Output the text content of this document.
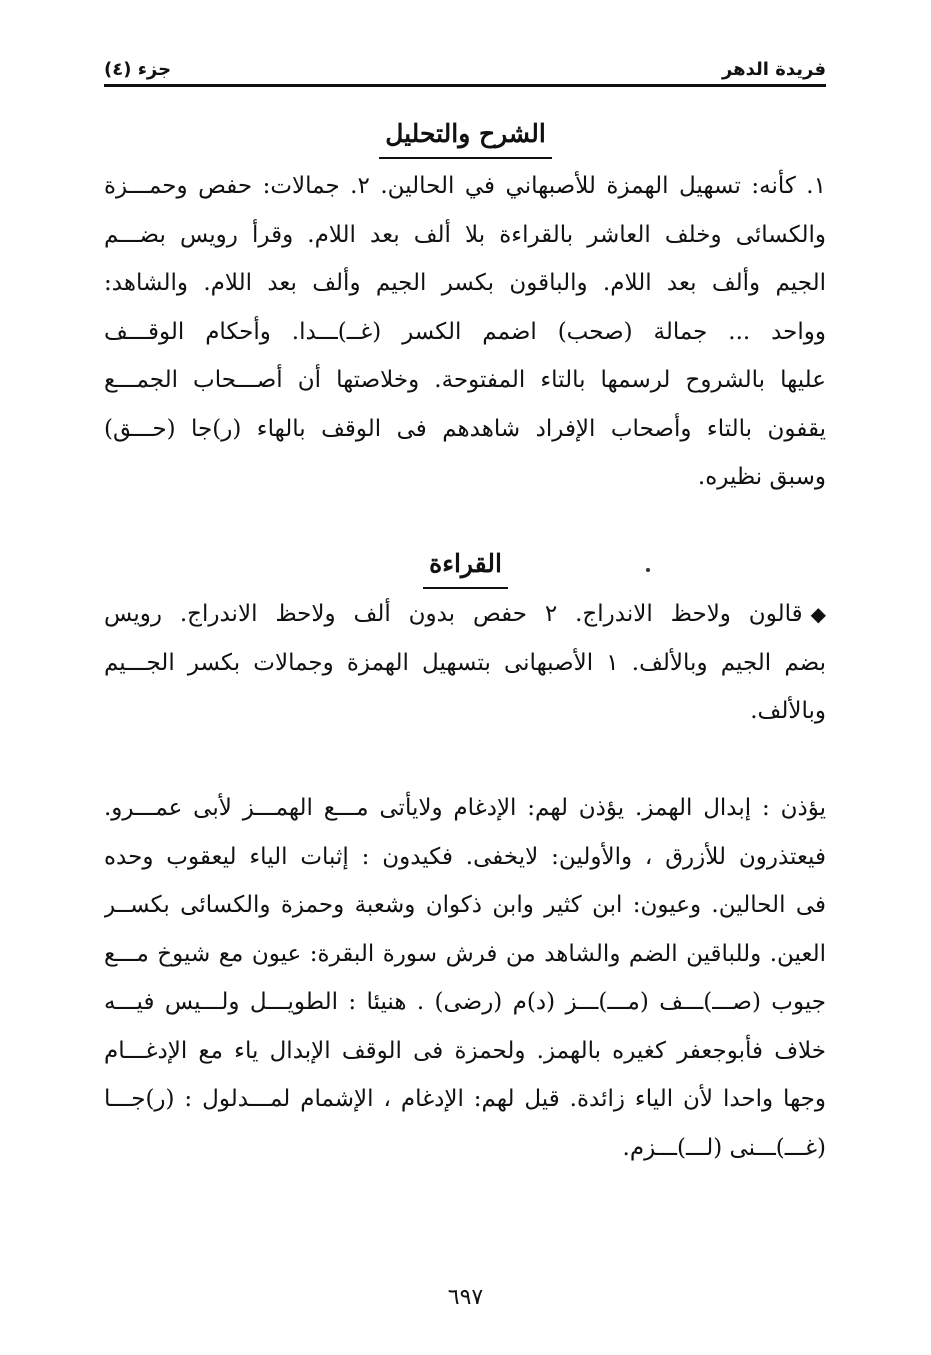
فريدة الدهر
جزء (٤)
الشرح والتحليل
١. كأنه: تسهيل الهمزة للأصبهاني في الحالين. ٢. جمالات: حفص وحمـــزة
والكسائى وخلف العاشر بالقراءة بلا ألف بعد اللام. وقرأ رويس بضـــم
الجيم وألف بعد اللام. والباقون بكسر الجيم وألف بعد اللام. والشاهد:
وواحد ... جمالة (صحب) اضمم الكسر (غــ)ـــدا. وأحكام الوقـــف
عليها بالشروح لرسمها بالتاء المفتوحة. وخلاصتها أن أصـــحاب الجمـــع
يقفون بالتاء وأصحاب الإفراد شاهدهم فى الوقف بالهاء (ر)جا (حـــق)
وسبق نظيره.
القراءة
◆قالون ولاحظ الاندراج. ٢ حفص بدون ألف ولاحظ الاندراج. رويس
بضم الجيم وبالألف. ١ الأصبهانى بتسهيل الهمزة وجمالات بكسر الجـــيم
وبالألف.
يؤذن : إبدال الهمز. يؤذن لهم: الإدغام ولايأتى مـــع الهمـــز لأبى عمـــرو.
فيعتذرون للأزرق ، والأولين: لايخفى. فكيدون : إثبات الياء ليعقوب وحده
فى الحالين. وعيون: ابن كثير وابن ذكوان وشعبة وحمزة والكسائى بكســر
العين. وللباقين الضم والشاهد من فرش سورة البقرة: عيون مع شيوخ مـــع
جيوب (صـــ)ـــف (مـــ)ـــز (د)م (رضى) . هنيئا : الطويـــل ولـــيس فيـــه
خلاف فأبوجعفر كغيره بالهمز. ولحمزة فى الوقف الإبدال ياء مع الإدغـــام
وجها واحدا لأن الياء زائدة. قيل لهم: الإدغام ، الإشمام لمـــدلول : (ر)جـــا
(غـــ)ـــنى (لـــ)ـــزم.
٦٩٧
